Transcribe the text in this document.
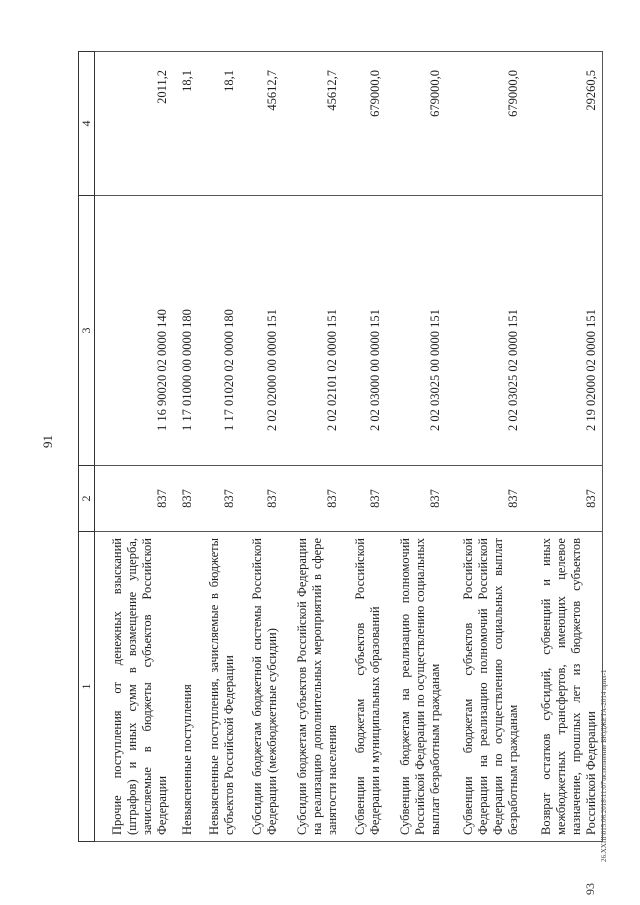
91
93
26.XXIII\015.06.2018\11:07\исполнение БЮДЖЕТА-2014 прил-1
1	2	3	4
Прочие поступления от денежных взысканий (штрафов) и иных сумм в возмещение ущерба, зачисляемые в бюджеты субъектов Российской Федерации	837	1 16 90020 02 0000 140	2011,2
Невыясненные поступления	837	1 17 01000 00 0000 180	18,1
Невыясненные поступления, зачисляемые в бюджеты субъектов Российской Федерации	837	1 17 01020 02 0000 180	18,1
Субсидии бюджетам бюджетной системы Российской Федерации (межбюджетные субсидии)	837	2 02 02000 00 0000 151	45612,7
Субсидии бюджетам субъектов Российской Федерации на реализацию дополнительных мероприятий в сфере занятости населения	837	2 02 02101 02 0000 151	45612,7
Субвенции бюджетам субъектов Российской Федерации и муниципальных образований	837	2 02 03000 00 0000 151	679000,0
Субвенции бюджетам на реализацию полномочий Российской Федерации по осуществлению социальных выплат безработным гражданам	837	2 02 03025 00 0000 151	679000,0
Субвенции бюджетам субъектов Российской Федерации на реализацию полномочий Российской Федерации по осуществлению социальных выплат безработным гражданам	837	2 02 03025 02 0000 151	679000,0
Возврат остатков субсидий, субвенций и иных межбюджетных трансфертов, имеющих целевое назначение, прошлых лет из бюджетов субъектов Российской Федерации	837	2 19 02000 02 0000 151	29260,5
